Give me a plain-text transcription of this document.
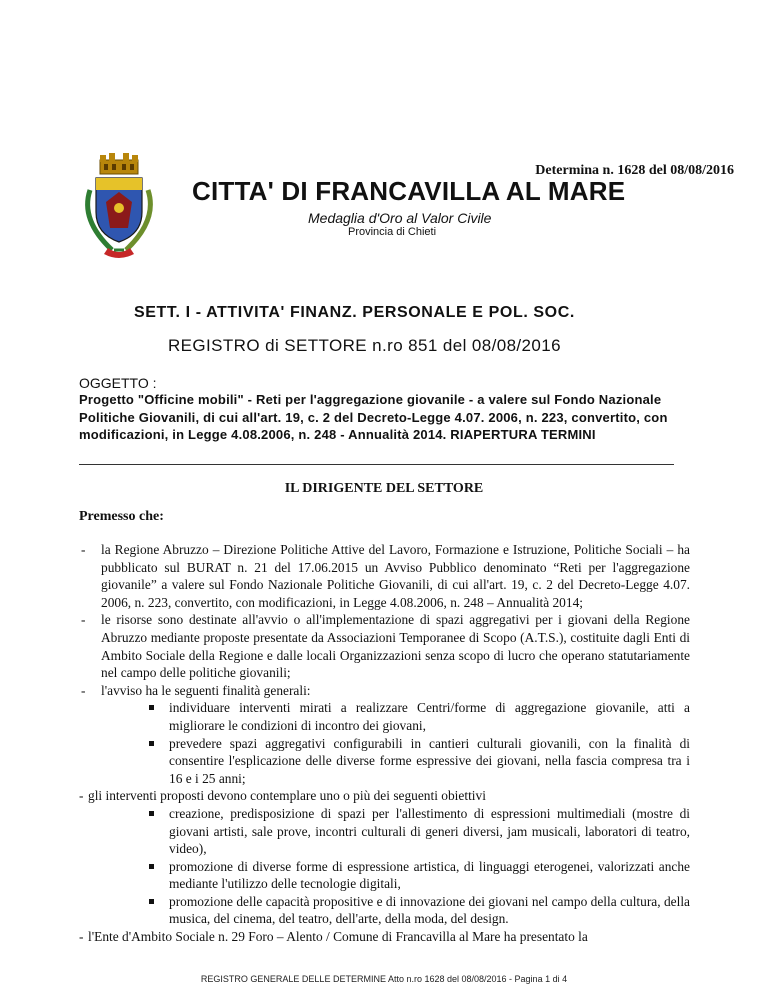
Determina n. 1628 del 08/08/2016
CITTA' DI FRANCAVILLA AL MARE
Medaglia d'Oro al Valor Civile
Provincia di Chieti
SETT. I - ATTIVITA' FINANZ. PERSONALE E POL. SOC.
REGISTRO di SETTORE n.ro 851 del 08/08/2016
OGGETTO :
Progetto "Officine mobili" - Reti per l'aggregazione giovanile - a valere sul Fondo Nazionale Politiche Giovanili, di cui all'art. 19, c. 2 del Decreto-Legge 4.07. 2006, n. 223, convertito, con modificazioni, in Legge 4.08.2006, n. 248 - Annualità 2014. RIAPERTURA TERMINI
IL DIRIGENTE DEL SETTORE
Premesso che:
- la Regione Abruzzo – Direzione Politiche Attive del Lavoro, Formazione e Istruzione, Politiche Sociali – ha pubblicato sul BURAT n. 21 del 17.06.2015 un Avviso Pubblico denominato “Reti per l'aggregazione giovanile” a valere sul Fondo Nazionale Politiche Giovanili, di cui all'art. 19, c. 2 del Decreto-Legge 4.07. 2006, n. 223, convertito, con modificazioni, in Legge 4.08.2006, n. 248 – Annualità 2014;
- le risorse sono destinate all'avvio o all'implementazione di spazi aggregativi per i giovani della Regione Abruzzo mediante proposte presentate da Associazioni Temporanee di Scopo (A.T.S.), costituite dagli Enti di Ambito Sociale della Regione e dalle locali Organizzazioni senza scopo di lucro che operano statutariamente nel campo delle politiche giovanili;
- l'avviso ha le seguenti finalità generali:
individuare interventi mirati a realizzare Centri/forme di aggregazione giovanile, atti a migliorare le condizioni di incontro dei giovani,
prevedere spazi aggregativi configurabili in cantieri culturali giovanili, con la finalità di consentire l'esplicazione delle diverse forme espressive dei giovani, nella fascia compresa tra i 16 e i 25 anni;
- gli interventi proposti devono contemplare uno o più dei seguenti obiettivi
creazione, predisposizione di spazi per l'allestimento di espressioni multimediali (mostre di giovani artisti, sale prove, incontri culturali di generi diversi, jam musicali, laboratori di teatro, video),
promozione di diverse forme di espressione artistica, di linguaggi eterogenei, valorizzati anche mediante l'utilizzo delle tecnologie digitali,
promozione delle capacità propositive e di innovazione dei giovani nel campo della cultura, della musica, del cinema, del teatro, dell'arte, della moda, del design.
- l'Ente d'Ambito Sociale n. 29 Foro – Alento / Comune di Francavilla al Mare ha presentato la
REGISTRO GENERALE DELLE DETERMINE Atto n.ro 1628 del 08/08/2016 - Pagina 1 di 4
